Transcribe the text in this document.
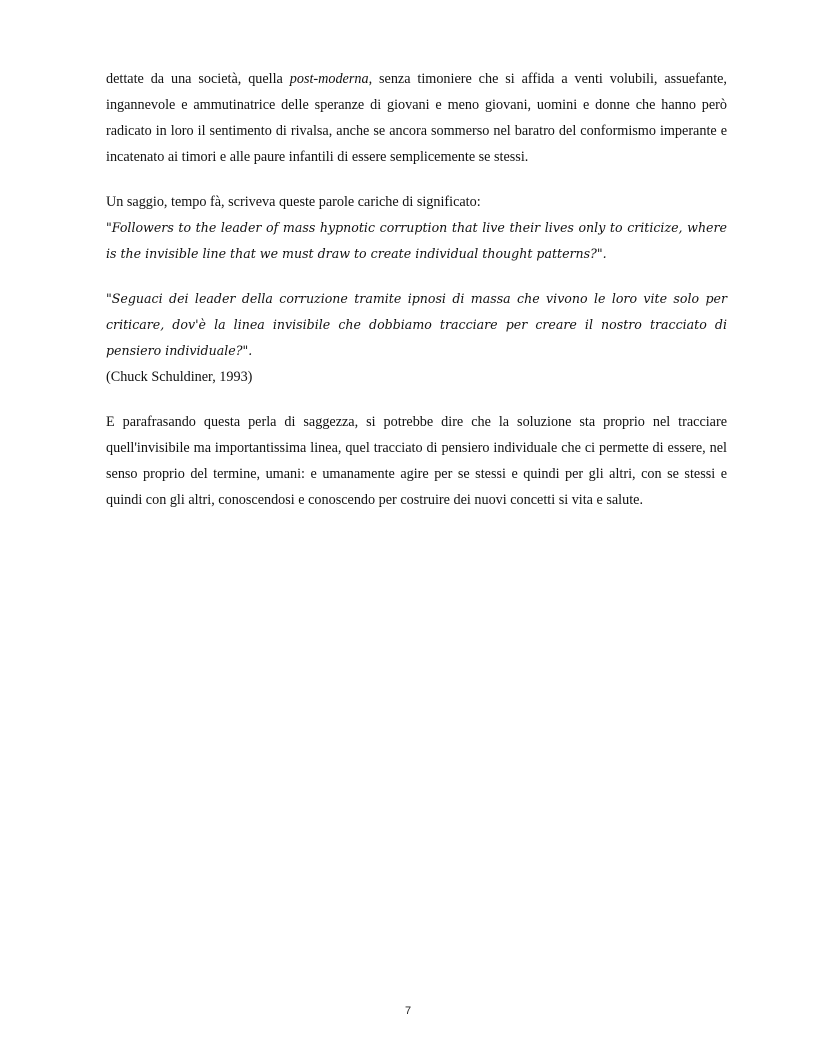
dettate da una società, quella post-moderna, senza timoniere che si affida a venti volubili, assuefante, ingannevole e ammutinatrice delle speranze di giovani e meno giovani, uomini e donne che hanno però radicato in loro il sentimento di rivalsa, anche se ancora sommerso nel baratro del conformismo imperante e incatenato ai timori e alle paure infantili di essere semplicemente se stessi.

Un saggio, tempo fà, scriveva queste parole cariche di significato:

"Followers to the leader of mass hypnotic corruption that live their lives only to criticize, where is the invisible line that we must draw to create individual thought patterns?".

"Seguaci dei leader della corruzione tramite ipnosi di massa che vivono le loro vite solo per criticare, dov'è la linea invisibile che dobbiamo tracciare per creare il nostro tracciato di pensiero individuale?".

(Chuck Schuldiner, 1993)

E parafrasando questa perla di saggezza, si potrebbe dire che la soluzione sta proprio nel tracciare quell'invisibile ma importantissima linea, quel tracciato di pensiero individuale che ci permette di essere, nel senso proprio del termine, umani: e umanamente agire per se stessi e quindi per gli altri, con se stessi e quindi con gli altri, conoscendosi e conoscendo per costruire dei nuovi concetti si vita e salute.

7
